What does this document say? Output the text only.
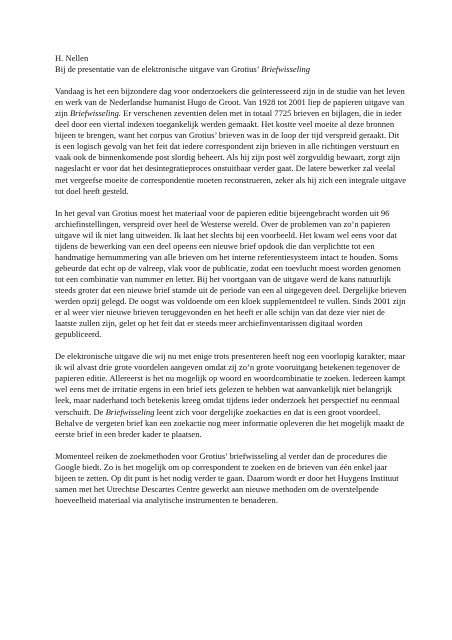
H. Nellen

Bij de presentatie van de elektronische uitgave van Grotius’ Briefwisseling

Vandaag is het een bijzondere dag voor onderzoekers die geïnteresseerd zijn in de studie van het leven en werk van de Nederlandse humanist Hugo de Groot. Van 1928 tot 2001 liep de papieren uitgave van zijn Briefwisseling. Er verschenen zeventien delen met in totaal 7725 brieven en bijlagen, die in ieder deel door een viertal indexen toegankelijk werden gemaakt. Het kostte veel moeite al deze bronnen bijeen te brengen, want het corpus van Grotius’ brieven was in de loop der tijd verspreid geraakt. Dit is een logisch gevolg van het feit dat iedere correspondent zijn brieven in alle richtingen verstuurt en vaak ook de binnenkomende post slordig beheert. Als hij zijn post wèl zorgvuldig bewaart, zorgt zijn nageslacht er voor dat het desintegratieproces onstuitbaar verder gaat. De latere bewerker zal veelal met vergeefse moeite de correspondentie moeten reconstrueren, zeker als hij zich een integrale uitgave tot doel heeft gesteld.

In het geval van Grotius moest het materiaal voor de papieren editie bijeengebracht worden uit 96 archiefinstellingen, verspreid over heel de Westerse wereld. Over de problemen van zo’n papieren uitgave wil ik niet lang uitweiden. Ik laat het slechts bij een voorbeeld. Het kwam wel eens voor dat tijdens de bewerking van een deel opeens een nieuwe brief opdook die dan verplichtte tot een handmatige hernummering van alle brieven om het interne referentiesysteem intact te houden. Soms gebeurde dat echt op de valreep, vlak voor de publicatie, zodat een toevlucht moest worden genomen tot een combinatie van nummer en letter. Bij het voortgaan van de uitgave werd de kans natuurlijk steeds groter dat een nieuwe brief stamde uit de periode van een al uitgegeven deel. Dergelijke brieven werden opzij gelegd. De oogst was voldoende om een kloek supplementdeel te vullen. Sinds 2001 zijn er al weer vier nieuwe brieven teruggevonden en het heeft er alle schijn van dat deze vier niet de laatste zullen zijn, gelet op het feit dat er steeds meer archiefinventarissen digitaal worden gepubliceerd.

De elektronische uitgave die wij nu met enige trots presenteren heeft nog een voorlopig karakter, maar ik wil alvast drie grote voordelen aangeven omdat zij zo’n grote vooruitgang betekenen tegenover de papieren editie. Allereerst is het nu mogelijk op woord en woordcombinatie te zoeken. Iedereen kampt wel eens met de irritatie ergens in een brief iets gelezen te hebben wat aanvankelijk niet belangrijk leek, maar naderhand toch betekenis kreeg omdat tijdens ieder onderzoek het perspectief nu eenmaal verschuift. De Briefwisseling leent zich voor dergelijke zoekacties en dat is een groot voordeel. Behalve de vergeten brief kan een zoekactie nog meer informatie opleveren die het mogelijk maakt de eerste brief in een breder kader te plaatsen.

Momenteel reiken de zoekmethoden voor Grotius’ briefwisseling al verder dan de procedures die Google biedt. Zo is het mogelijk om op correspondent te zoeken en de brieven van één enkel jaar bijeen te zetten. Op dit punt is het nodig verder te gaan. Daarom wordt er door het Huygens Instituut samen met het Utrechtse Descartes Centre gewerkt aan nieuwe methoden om de overstelpende hoeveelheid materiaal via analytische instrumenten te benaderen.
